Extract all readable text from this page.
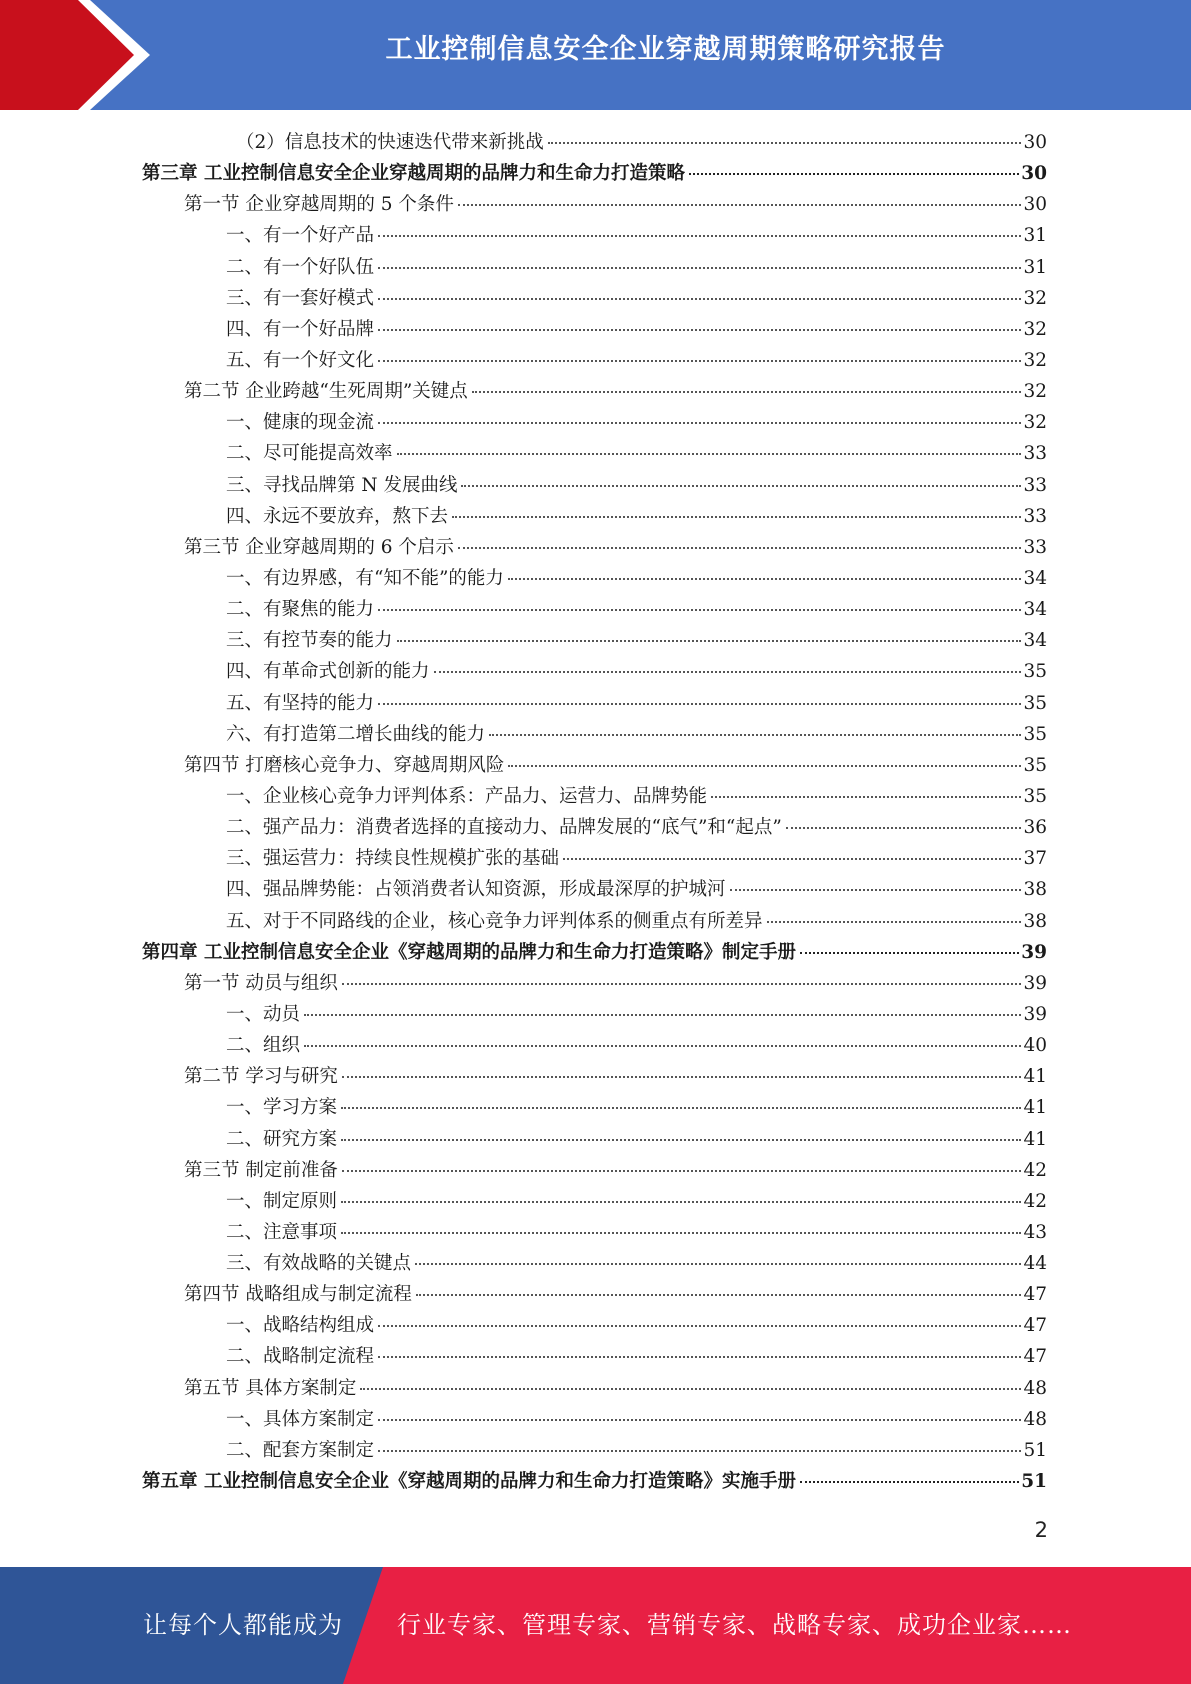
工业控制信息安全企业穿越周期策略研究报告
（2）信息技术的快速迭代带来新挑战	30
第三章 工业控制信息安全企业穿越周期的品牌力和生命力打造策略	30
第一节 企业穿越周期的 5 个条件	30
一、有一个好产品	31
二、有一个好队伍	31
三、有一套好模式	32
四、有一个好品牌	32
五、有一个好文化	32
第二节 企业跨越“生死周期”关键点	32
一、健康的现金流	32
二、尽可能提高效率	33
三、寻找品牌第 N 发展曲线	33
四、永远不要放弃，熬下去	33
第三节 企业穿越周期的 6 个启示	33
一、有边界感，有“知不能”的能力	34
二、有聚焦的能力	34
三、有控节奏的能力	34
四、有革命式创新的能力	35
五、有坚持的能力	35
六、有打造第二增长曲线的能力	35
第四节 打磨核心竞争力、穿越周期风险	35
一、企业核心竞争力评判体系：产品力、运营力、品牌势能	35
二、强产品力：消费者选择的直接动力、品牌发展的“底气”和“起点”	36
三、强运营力：持续良性规模扩张的基础	37
四、强品牌势能：占领消费者认知资源，形成最深厚的护城河	38
五、对于不同路线的企业，核心竞争力评判体系的侧重点有所差异	38
第四章 工业控制信息安全企业《穿越周期的品牌力和生命力打造策略》制定手册	39
第一节 动员与组织	39
一、动员	39
二、组织	40
第二节 学习与研究	41
一、学习方案	41
二、研究方案	41
第三节 制定前准备	42
一、制定原则	42
二、注意事项	43
三、有效战略的关键点	44
第四节 战略组成与制定流程	47
一、战略结构组成	47
二、战略制定流程	47
第五节 具体方案制定	48
一、具体方案制定	48
二、配套方案制定	51
第五章 工业控制信息安全企业《穿越周期的品牌力和生命力打造策略》实施手册	51
2
让每个人都能成为 行业专家、管理专家、营销专家、战略专家、成功企业家……
